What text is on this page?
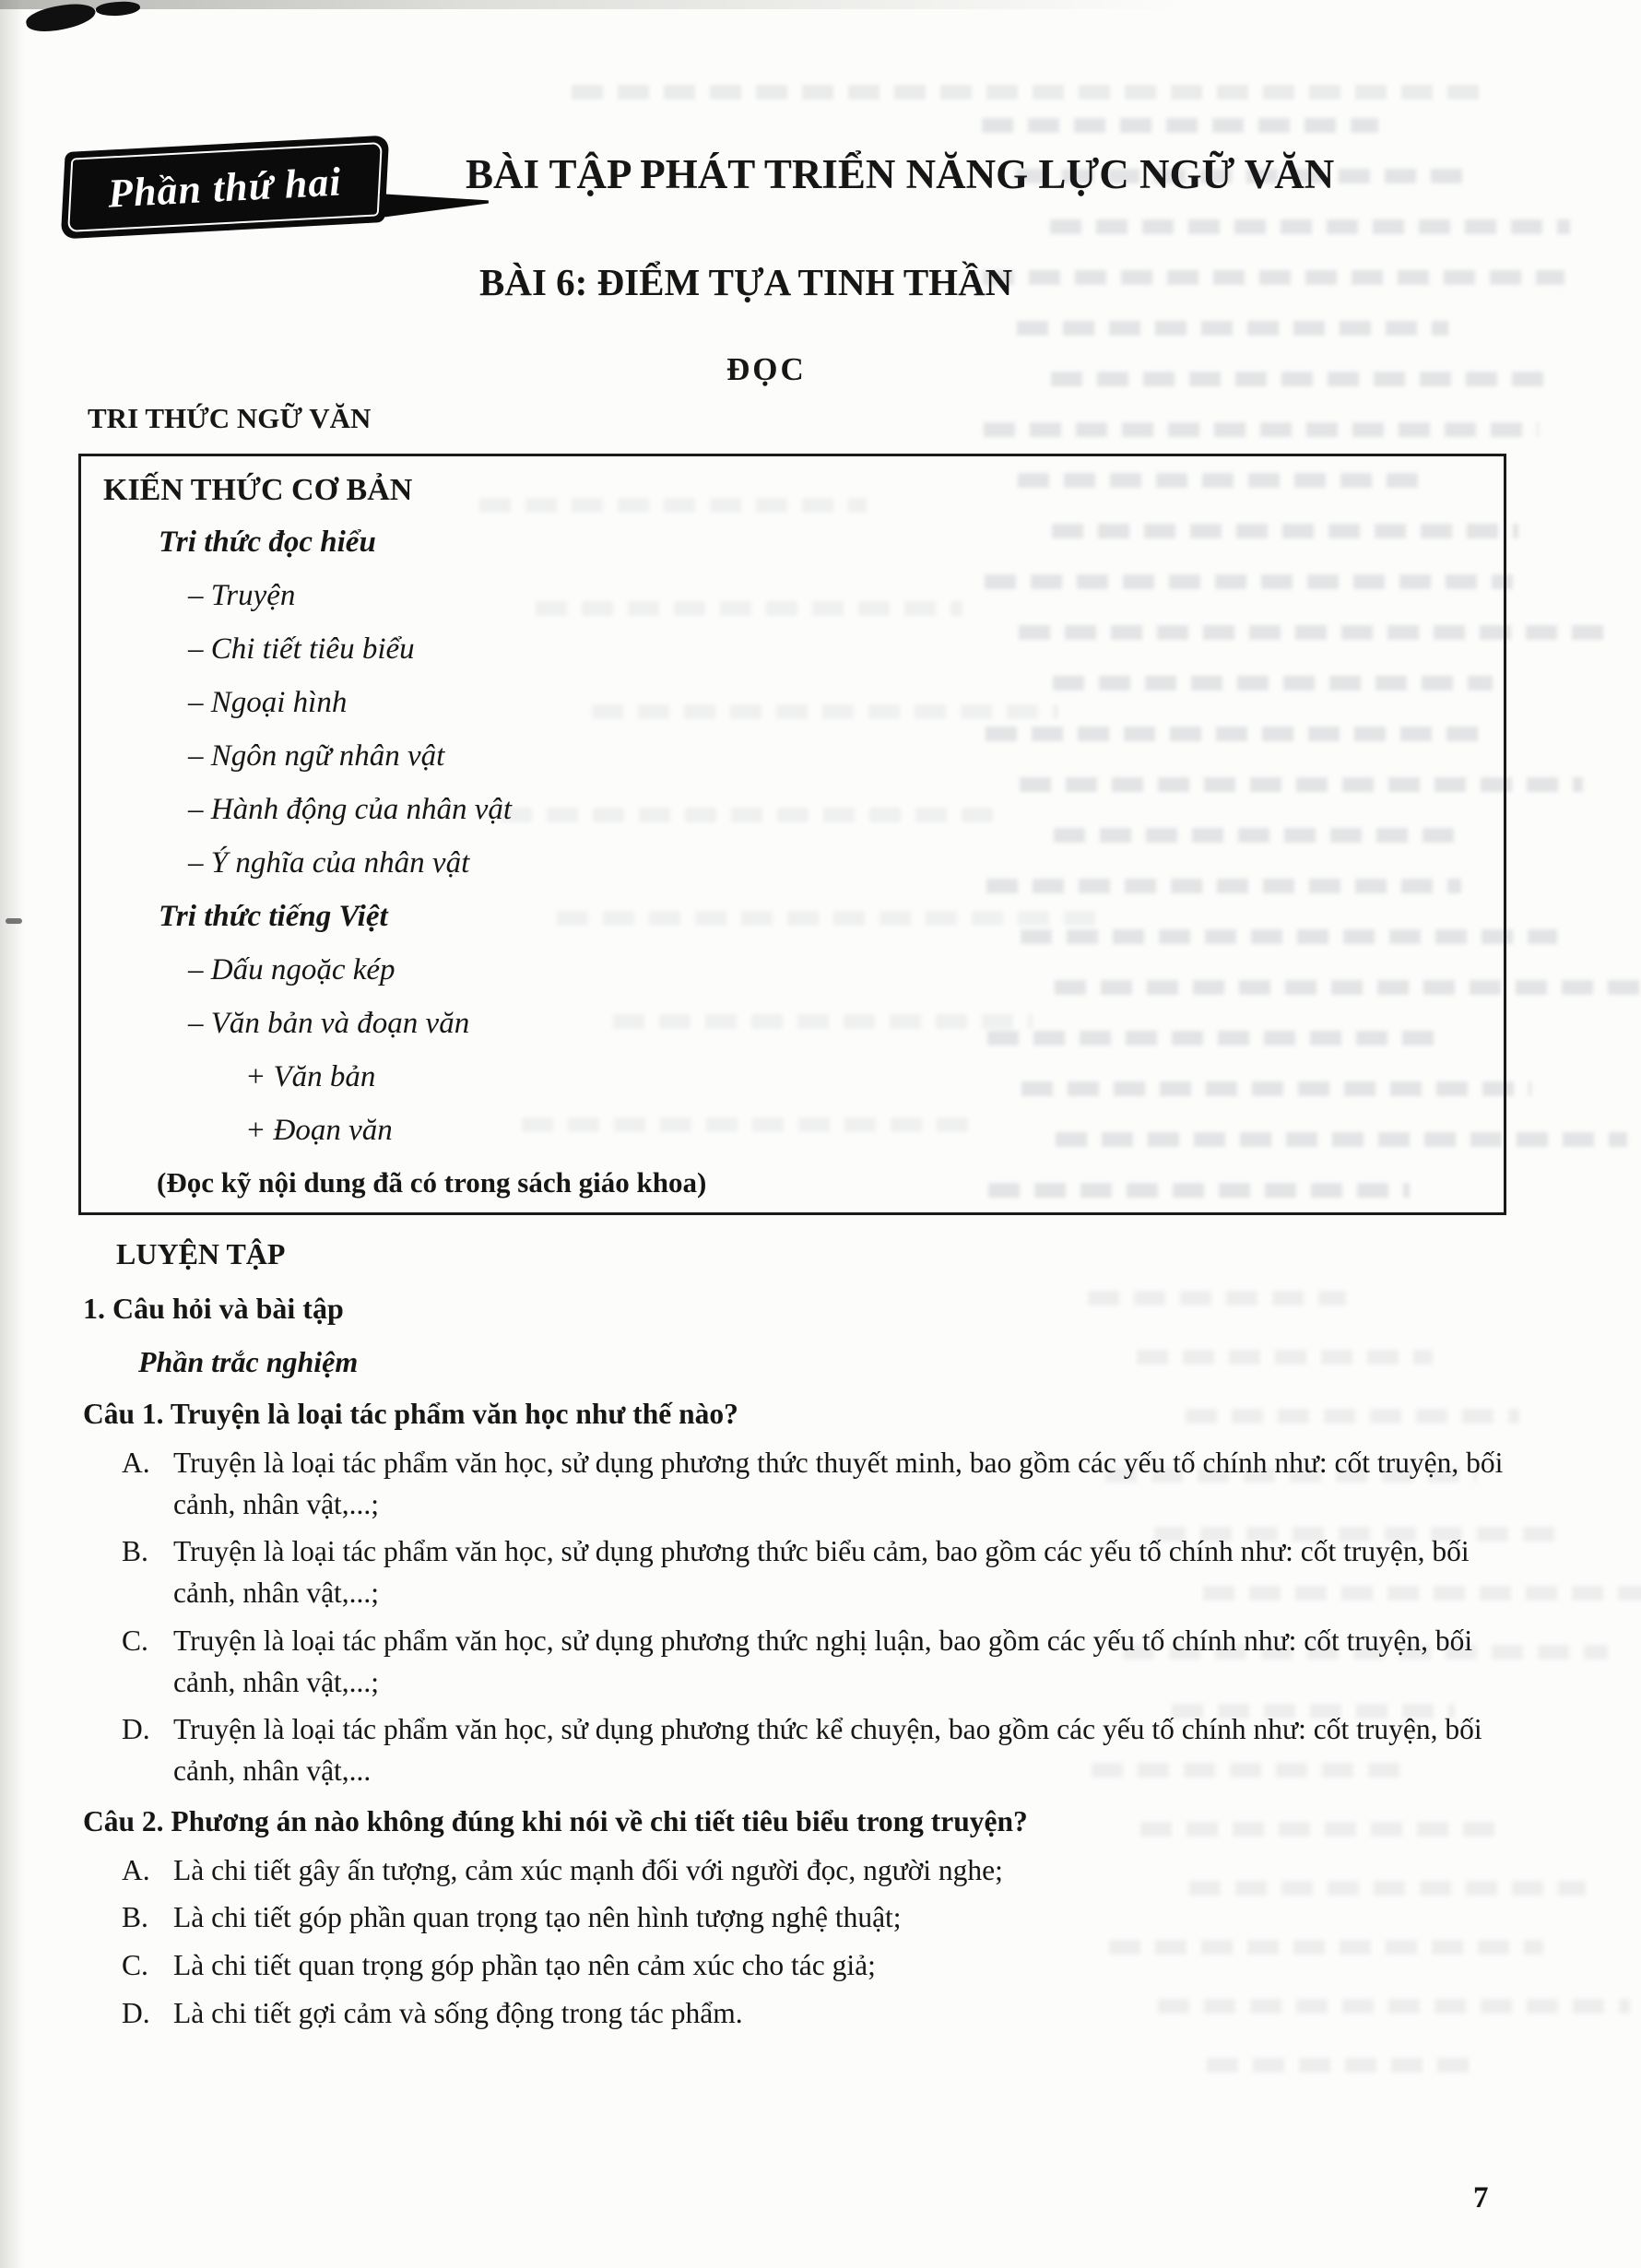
Phần thứ hai	BÀI TẬP PHÁT TRIỂN NĂNG LỰC NGỮ VĂN
BÀI 6: ĐIỂM TỰA TINH THẦN
ĐỌC
TRI THỨC NGỮ VĂN
KIẾN THỨC CƠ BẢN
Tri thức đọc hiểu
– Truyện
– Chi tiết tiêu biểu
– Ngoại hình
– Ngôn ngữ nhân vật
– Hành động của nhân vật
– Ý nghĩa của nhân vật
Tri thức tiếng Việt
– Dấu ngoặc kép
– Văn bản và đoạn văn
+ Văn bản
+ Đoạn văn
(Đọc kỹ nội dung đã có trong sách giáo khoa)
LUYỆN TẬP
1. Câu hỏi và bài tập
Phần trắc nghiệm
Câu 1. Truyện là loại tác phẩm văn học như thế nào?
A. Truyện là loại tác phẩm văn học, sử dụng phương thức thuyết minh, bao gồm các yếu tố chính như: cốt truyện, bối cảnh, nhân vật,...;
B. Truyện là loại tác phẩm văn học, sử dụng phương thức biểu cảm, bao gồm các yếu tố chính như: cốt truyện, bối cảnh, nhân vật,...;
C. Truyện là loại tác phẩm văn học, sử dụng phương thức nghị luận, bao gồm các yếu tố chính như: cốt truyện, bối cảnh, nhân vật,...;
D. Truyện là loại tác phẩm văn học, sử dụng phương thức kể chuyện, bao gồm các yếu tố chính như: cốt truyện, bối cảnh, nhân vật,...
Câu 2. Phương án nào không đúng khi nói về chi tiết tiêu biểu trong truyện?
A. Là chi tiết gây ấn tượng, cảm xúc mạnh đối với người đọc, người nghe;
B. Là chi tiết góp phần quan trọng tạo nên hình tượng nghệ thuật;
C. Là chi tiết quan trọng góp phần tạo nên cảm xúc cho tác giả;
D. Là chi tiết gợi cảm và sống động trong tác phẩm.
7
